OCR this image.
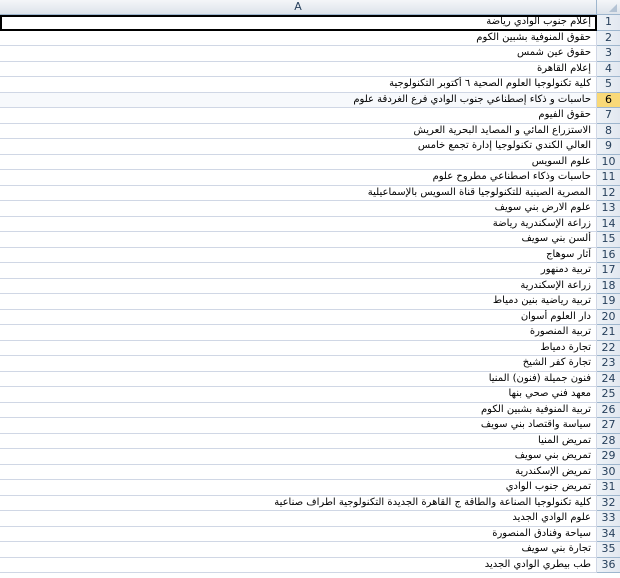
A
إعلام جنوب الوادي رياضة	1
حقوق المنوفية بشبين الكوم	2
حقوق عين شمس	3
إعلام القاهرة	4
كلية تكنولوجيا العلوم الصحية ٦ أكتوبر التكنولوجية	5
حاسبات و ذكاء إصطناعي جنوب الوادي فرع الغردقة علوم	6
حقوق الفيوم	7
الاستزراع المائي و المصايد البحرية العريش	8
العالي الكندي تكنولوجيا إدارة تجمع خامس	9
علوم السويس 10
حاسبات وذكاء اصطناعي مطروح علوم 11
المصرية الصينية للتكنولوجيا قناة السويس بالإسماعيلية 12
علوم الارض بني سويف 13
زراعة الإسكندرية رياضة 14
ألسن بني سويف 15
آثار سوهاج 16
تربية دمنهور 17
زراعة الإسكندرية 18
تربية رياضية بنين دمياط 19
دار العلوم أسوان 20
تربية المنصورة 21
تجارة دمياط 22
تجارة كفر الشيخ 23
فنون جميلة (فنون) المنيا 24
معهد فني صحي بنها 25
تربية المنوفية بشبين الكوم 26
سياسة واقتصاد بني سويف 27
تمريض المنيا 28
تمريض بني سويف 29
تمريض الإسكندرية 30
تمريض جنوب الوادي 31
كلية تكنولوجيا الصناعة والطاقة ج القاهرة الجديدة التكنولوجية اطراف صناعية 32
علوم الوادي الجديد 33
سياحة وفنادق المنصورة 34
تجارة بني سويف 35
طب بيطري الوادي الجديد 36
